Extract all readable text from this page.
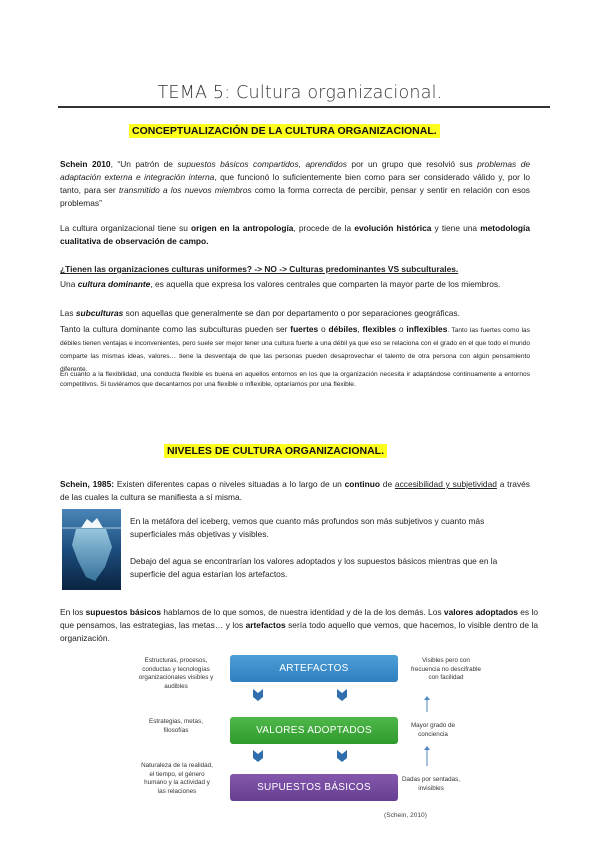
TEMA 5: Cultura organizacional.
CONCEPTUALIZACIÓN DE LA CULTURA ORGANIZACIONAL.
Schein 2010, “Un patrón de supuestos básicos compartidos, aprendidos por un grupo que resolvió sus problemas de adaptación externa e integración interna, que funcionó lo suficientemente bien como para ser considerado válido y, por lo tanto, para ser transmitido a los nuevos miembros como la forma correcta de percibir, pensar y sentir en relación con esos problemas”
La cultura organizacional tiene su origen en la antropología, procede de la evolución histórica y tiene una metodología cualitativa de observación de campo.
¿Tienen las organizaciones culturas uniformes? -> NO -> Culturas predominantes VS subculturales.
Una cultura dominante, es aquella que expresa los valores centrales que comparten la mayor parte de los miembros.
Las subculturas son aquellas que generalmente se dan por departamento o por separaciones geográficas.
Tanto la cultura dominante como las subculturas pueden ser fuertes o débiles, flexibles o inflexibles. Tanto las fuertes como las débiles tienen ventajas e inconvenientes, pero suele ser mejor tener una cultura fuerte a una débil ya que eso se relaciona con el grado en el que todo el mundo comparte las mismas ideas, valores… tiene la desventaja de que las personas pueden desaprovechar el talento de otra persona con algún pensamiento diferente.
En cuanto a la flexibilidad, una conducta flexible es buena en aquellos entornos en los que la organización necesita ir adaptándose continuamente a entornos competitivos. Si tuviéramos que decantarnos por una flexible o inflexible, optaríamos por una flexible.
NIVELES DE CULTURA ORGANIZACIONAL.
Schein, 1985: Existen diferentes capas o niveles situadas a lo largo de un continuo de accesibilidad y subjetividad a través de las cuales la cultura se manifiesta a sí misma.
En la metáfora del iceberg, vemos que cuanto más profundos son más subjetivos y cuanto más superficiales más objetivas y visibles.
Debajo del agua se encontrarían los valores adoptados y los supuestos básicos mientras que en la superficie del agua estarían los artefactos.
En los supuestos básicos hablamos de lo que somos, de nuestra identidad y de la de los demás. Los valores adoptados es lo que pensamos, las estrategias, las metas… y los artefactos sería todo aquello que vemos, que hacemos, lo visible dentro de la organización.
ARTEFACTOS
VALORES ADOPTADOS
SUPUESTOS BÁSICOS
Estructuras, procesos, conductas y tecnologías organizacionales visibles y audibles
Estrategias, metas, filosofías
Naturaleza de la realidad, el tiempo, el género humano y la actividad y las relaciones
Visibles pero con frecuencia no descifrable con facilidad
Mayor grado de conciencia
Dadas por sentadas, invisibles
(Schein, 2010)
